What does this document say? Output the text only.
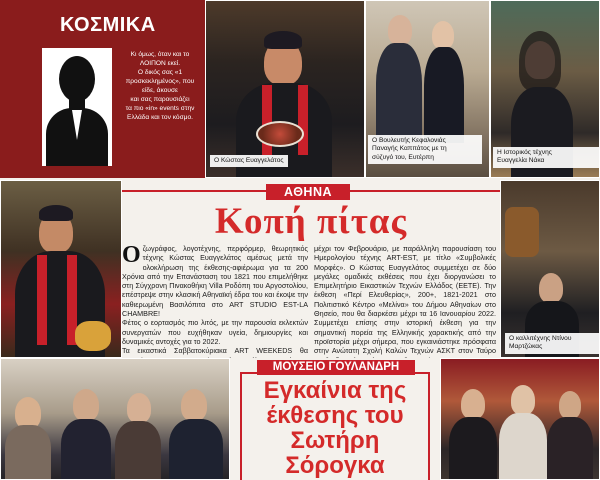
ΚΟΣΜΙΚΑ
Κι όμως, όταν και το
ΛΟΙΠΟΝ εκεί.
Ο δικός σας «1
προσκεκλημένος», που
είδε, άκουσε
και σας παρουσιάζει
τα πιο «in» events στην
Ελλάδα και τον κόσμο.
Ο Κώστας Ευαγγελάτος
Ο Βουλευτής Κεφαλονιάς
Παναγής Καππάτος με τη
σύζυγό του, Ευτέρπη
Η Ιστορικός τέχνης
Ευαγγελία Νάκα
ΑΘΗΝΑ
Κοπή πίτας

Οζωγράφος, λογοτέχνης, περφόρμερ, θεωρητικός τέχνης Κώστας Ευαγγελάτος αμέσως μετά την ολοκλήρωση της έκθεσης-αφιέρωμα για τα 200 Χρόνια από την Επανάσταση του 1821 που επιμελήθηκε στη Σύγχρονη Πινακοθήκη Villa Ροδόπη του Αργοστολίου, επέστρεψε στην κλασική Αθηναϊκή έδρα του και έκοψε την καθιερωμένη Βασιλόπιτα στο ART STUDIO EST-LA CHAMBRE!

Φέτος ο εορτασμός πιο λιτός, με την παρουσία εκλεκτών συνεργατών που ευχήθηκαν υγεία, δημιουργίες και δυναμικές αντοχές για το 2022.

Τα εικαστικά Σαββατοκύριακα ART WEEKEDS θα

μέχρι τον Φεβρουάριο, με παράλληλη παρουσίαση του Ημερολογίου τέχνης ART-EST, με τίτλο «Συμβολικές Μορφές». Ο Κώστας Ευαγγελάτος συμμετέχει σε δύο μεγάλες ομαδικές εκθέσεις που έχει διοργανώσει το Επιμελητήριο Εικαστικών Τεχνών Ελλάδος (ΕΕΤΕ). Την έκθεση «Περί Ελευθερίας», 200+, 1821-2021 στο Πολιτιστικό Κέντρο «Μελίνα» του Δήμου Αθηναίων στο Θησείο, που θα διαρκέσει μέχρι τα 16 Ιανουαρίου 2022. Συμμετέχει επίσης στην ιστορική έκθεση για την σημαντική πορεία της Ελληνικής χαρακτικής από την προϊστορία μέχρι σήμερα, που εγκαινιάστηκε πρόσφατα στην Ανώτατη Σχολή Καλών Τεχνών ΑΣΚΤ στον Ταύρο

Ο καλλιτέχνης Ντίνου
Μαρτζώκας
ΜΟΥΣΕΙΟ ΓΟΥΛΑΝΔΡΗ
Εγκαίνια της
έκθεσης του
Σωτήρη Σόρογκα
